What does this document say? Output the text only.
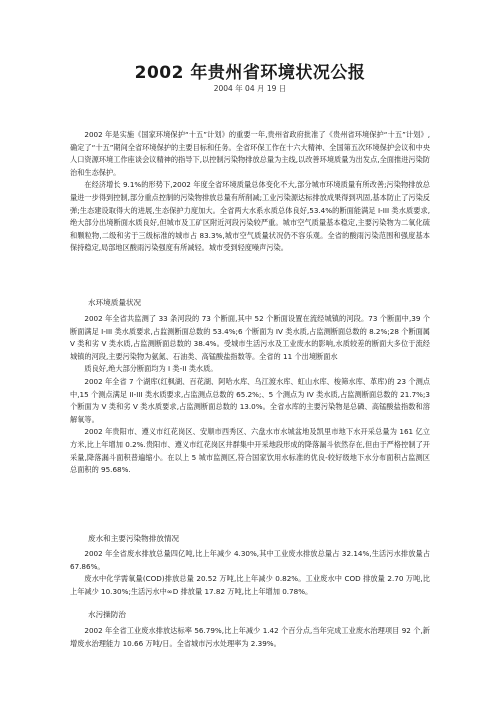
2002 年贵州省环境状况公报
2004 年 04 月 19 日

2002 年是实施《国家环境保护“十五”计划》的重要一年,贵州省政府批准了《贵州省环境保护“十五”计划》,确定了“十五”期间全省环境保护的主要目标和任务。全省环保工作在十六大精神、全国第五次环境保护会议和中央人口资源环境工作座谈会议精神的指导下,以控制污染物排放总量为主线,以改善环境质量为出发点,全面推进污染防治和生态保护。

在经济增长 9.1%的形势下,2002 年度全省环境质量总体变化不大,部分城市环境质量有所改善;污染物排放总量进一步得到控制,部分重点控制的污染物排放总量有所削减;工业污染源达标排放成果得到巩固,基本防止了污染反弹;生态建设取得大的进展,生态保护力度加大。全省两大水系水质总体良好,53.4%的断面能满足 I-III 类水质要求,绝大部分出境断面水质良好,但城市及工矿区附近河段污染较严重。城市空气质量基本稳定,主要污染物为二氧化硫和颗粒物,二级和劣于三级标准的城市占 83.3%,城市空气质量状况仍不容乐观。全省的酸雨污染范围和强度基本保持稳定,局部地区酸雨污染强度有所减轻。城市受到轻度噪声污染。

水环境质量状况

2002 年全省共监测了 33 条河段的 73 个断面,其中 52 个断面设置在流经城镇的河段。73 个断面中,39 个断面满足 I-III 类水质要求,占监测断面总数的 53.4%;6 个断面为 IV 类水质,占监测断面总数的 8.2%;28 个断面属 V 类和劣 V 类水质,占监测断面总数的 38.4%。受城市生活污水及工业废水的影响,水质较差的断面大多位于流经城镇的河段,主要污染物为氨氮、石油类、高锰酸盐指数等。全省的 11 个出境断面水

质良好,绝大部分断面均为 I 类-II 类水质。

2002 年全省 7 个湖库(红枫湖、百花湖、阿哈水库、乌江渡水库、虹山水库、梭筛水库、革库)的 23 个测点中,15 个测点满足 II-III 类水质要求,占监测点总数的 65.2%;、5 个测点为 IV 类水质,占监测断面总数的 21.7%;3 个断面为 V 类和劣 V 类水质要求,占监测断面总数的 13.0%。全省水库的主要污染物是总磷、高锰酸盐指数和溶解氧等。

2002 年贵阳市、遵义市红花岗区、安顺市西秀区、六盘水市水城盆地及凯里市地下水开采总量为 161 亿立方米,比上年增加 0.2%.贵阳市、遵义市红花岗区井群集中开采地段形成的降落漏斗依然存在,但由于严格控制了开采量,降落漏斗面积普遍缩小。在以上 5 城市监测区,符合国家饮用水标准的优良-较好级地下水分布面积占监测区总面积的 95.68%.

废水和主要污染物排放情况

2002 年全省废水排放总量四亿吨,比上年减少 4.30%,其中工业废水排放总量占 32.14%,生活污水排放量占 67.86%。

废水中化学需氧量(COD)排放总量 20.52 万吨,比上年减少 0.82%。工业废水中 COD 排放量 2.70 万吨,比上年减少 10.30%;生活污水中∞D 排放量 17.82 万吨,比上年增加 0.78%。

水污操防治

2002 年全省工业废水排放达标率 56.79%,比上年减少 1.42 个百分点,当年完成工业废水治理项目 92 个,新增废水治理能力 10.66 万吨/日。全省城市污水处理率为 2.39%。
